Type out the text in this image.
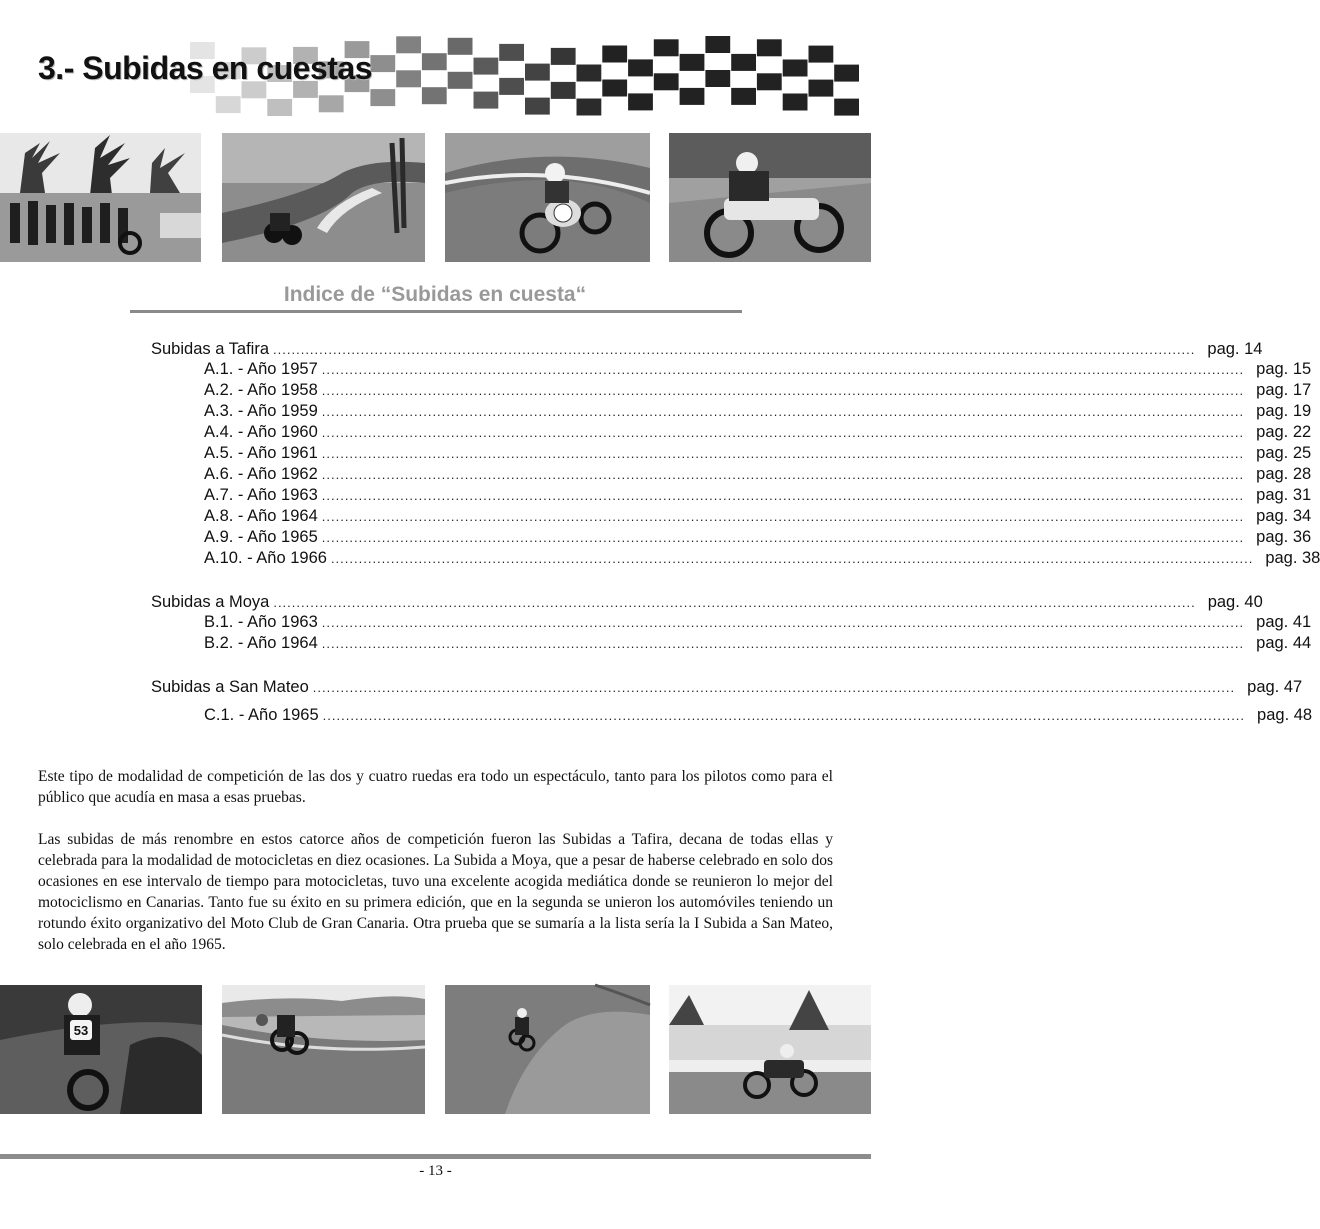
3.- Subidas en cuestas
Indice de “Subidas en cuesta“
Subidas a Tafira ........................................................................................................................................................................................................ pag. 14
A.1. - Año 1957 ........................................................................................................................................................................................................ pag. 15
A.2. - Año 1958 ........................................................................................................................................................................................................ pag. 17
A.3. - Año 1959 ........................................................................................................................................................................................................ pag. 19
A.4. - Año 1960 ........................................................................................................................................................................................................ pag. 22
A.5. - Año 1961 ........................................................................................................................................................................................................ pag. 25
A.6. - Año 1962 ........................................................................................................................................................................................................ pag. 28
A.7. - Año 1963 ........................................................................................................................................................................................................ pag. 31
A.8. - Año 1964 ........................................................................................................................................................................................................ pag. 34
A.9. - Año 1965 ........................................................................................................................................................................................................ pag. 36
A.10. - Año 1966 ........................................................................................................................................................................................................ pag. 38
Subidas a Moya ........................................................................................................................................................................................................ pag. 40
B.1. - Año 1963 ........................................................................................................................................................................................................ pag. 41
B.2. - Año 1964 ........................................................................................................................................................................................................ pag. 44
Subidas a San Mateo ........................................................................................................................................................................................................ pag. 47
C.1. - Año 1965 ........................................................................................................................................................................................................ pag. 48
Este tipo de modalidad de competición de las dos y cuatro ruedas era todo un espectáculo, tanto para los pilotos como para el público que acudía en masa a esas pruebas.
Las subidas de más renombre en estos catorce años de competición fueron las Subidas a Tafira, decana de todas ellas y celebrada para la modalidad de motocicletas en diez ocasiones. La Subida a Moya, que a pesar de haberse celebrado en solo dos ocasiones en ese intervalo de tiempo para motocicletas, tuvo una excelente acogida mediática donde se reunieron lo mejor del motociclismo en Canarias. Tanto fue su éxito en su primera edición, que en la segunda se unieron los automóviles teniendo un rotundo éxito organizativo del Moto Club de Gran Canaria. Otra prueba que se sumaría a la lista sería la I Subida a San Mateo, solo celebrada en el año 1965.
53
- 13 -
